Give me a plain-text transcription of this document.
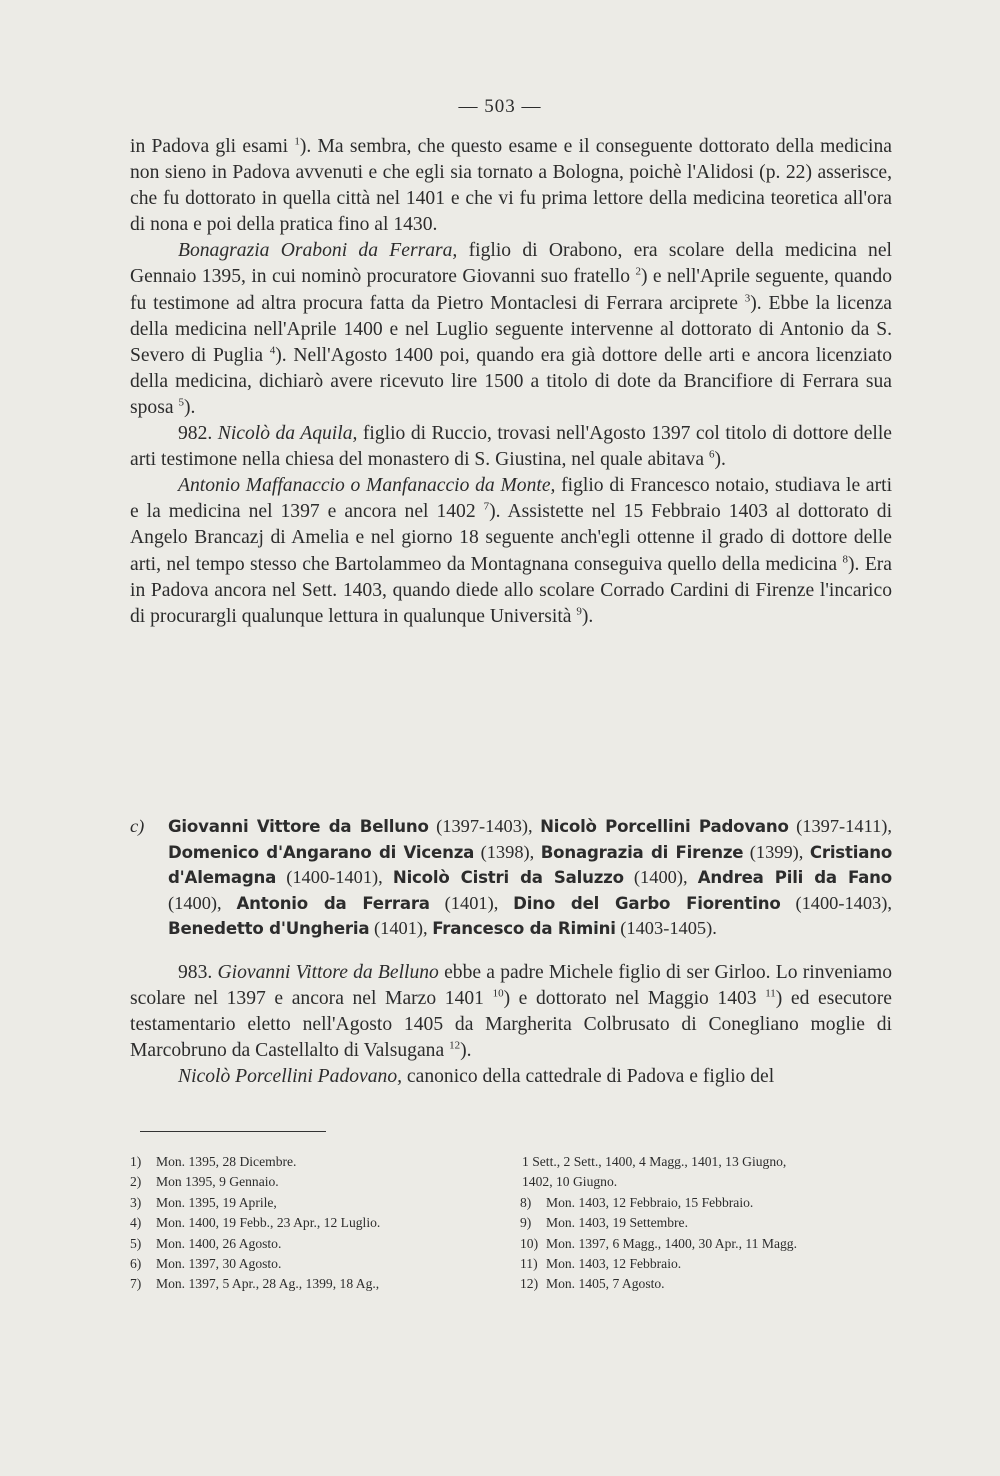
— 503 —

in Padova gli esami $^1$). Ma sembra, che questo esame e il conseguente dottorato della medicina non sieno in Padova avvenuti e che egli sia tornato a Bologna, poichè l'Alidosi (p. 22) asserisce, che fu dottorato in quella città nel 1401 e che vi fu prima lettore della medicina teoretica all'ora di nona e poi della pratica fino al 1430.

Bonagrazia Oraboni da Ferrara, figlio di Orabono, era scolare della medicina nel Gennaio 1395, in cui nominò procuratore Giovanni suo fratello $^2$) e nell'Aprile seguente, quando fu testimone ad altra procura fatta da Pietro Montaclesi di Ferrara arciprete $^3$). Ebbe la licenza della medicina nell'Aprile 1400 e nel Luglio seguente intervenne al dottorato di Antonio da S. Severo di Puglia $^4$). Nell'Agosto 1400 poi, quando era già dottore delle arti e ancora licenziato della medicina, dichiarò avere ricevuto lire 1500 a titolo di dote da Brancifiore di Ferrara sua sposa $^5$).

982. Nicolò da Aquila, figlio di Ruccio, trovasi nell'Agosto 1397 col titolo di dottore delle arti testimone nella chiesa del monastero di S. Giustina, nel quale abitava $^6$).

Antonio Maffanaccio o Manfanaccio da Monte, figlio di Francesco notaio, studiava le arti e la medicina nel 1397 e ancora nel 1402 $^7$). Assistette nel 15 Febbraio 1403 al dottorato di Angelo Brancazj di Amelia e nel giorno 18 seguente anch'egli ottenne il grado di dottore delle arti, nel tempo stesso che Bartolammeo da Montagnana conseguiva quello della medicina $^8$). Era in Padova ancora nel Sett. 1403, quando diede allo scolare Corrado Cardini di Firenze l'incarico di procurargli qualunque lettura in qualunque Università $^9$).

c) Giovanni Vittore da Belluno (1397-1403), Nicolò Porcellini Padovano (1397-1411), Domenico d'Angarano di Vicenza (1398), Bonagrazia di Firenze (1399), Cristiano d'Alemagna (1400-1401), Nicolò Cistri da Saluzzo (1400), Andrea Pili da Fano (1400), Antonio da Ferrara (1401), Dino del Garbo Fiorentino (1400-1403), Benedetto d'Ungheria (1401), Francesco da Rimini (1403-1405).

983. Giovanni Vittore da Belluno ebbe a padre Michele figlio di ser Girloo. Lo rinveniamo scolare nel 1397 e ancora nel Marzo 1401 $^{10}$) e dottorato nel Maggio 1403 $^{11}$) ed esecutore testamentario eletto nell'Agosto 1405 da Margherita Colbrusato di Conegliano moglie di Marcobruno da Castellalto di Valsugana $^{12}$).

Nicolò Porcellini Padovano, canonico della cattedrale di Padova e figlio del

1) Mon. 1395, 28 Dicembre.
2) Mon 1395, 9 Gennaio.
3) Mon. 1395, 19 Aprile,
4) Mon. 1400, 19 Febb., 23 Apr., 12 Luglio.
5) Mon. 1400, 26 Agosto.
6) Mon. 1397, 30 Agosto.
7) Mon. 1397, 5 Apr., 28 Ag., 1399, 18 Ag.,
1 Sett., 2 Sett., 1400, 4 Magg., 1401, 13 Giugno,
1402, 10 Giugno.
8) Mon. 1403, 12 Febbraio, 15 Febbraio.
9) Mon. 1403, 19 Settembre.
10) Mon. 1397, 6 Magg., 1400, 30 Apr., 11 Magg.
11) Mon. 1403, 12 Febbraio.
12) Mon. 1405, 7 Agosto.
